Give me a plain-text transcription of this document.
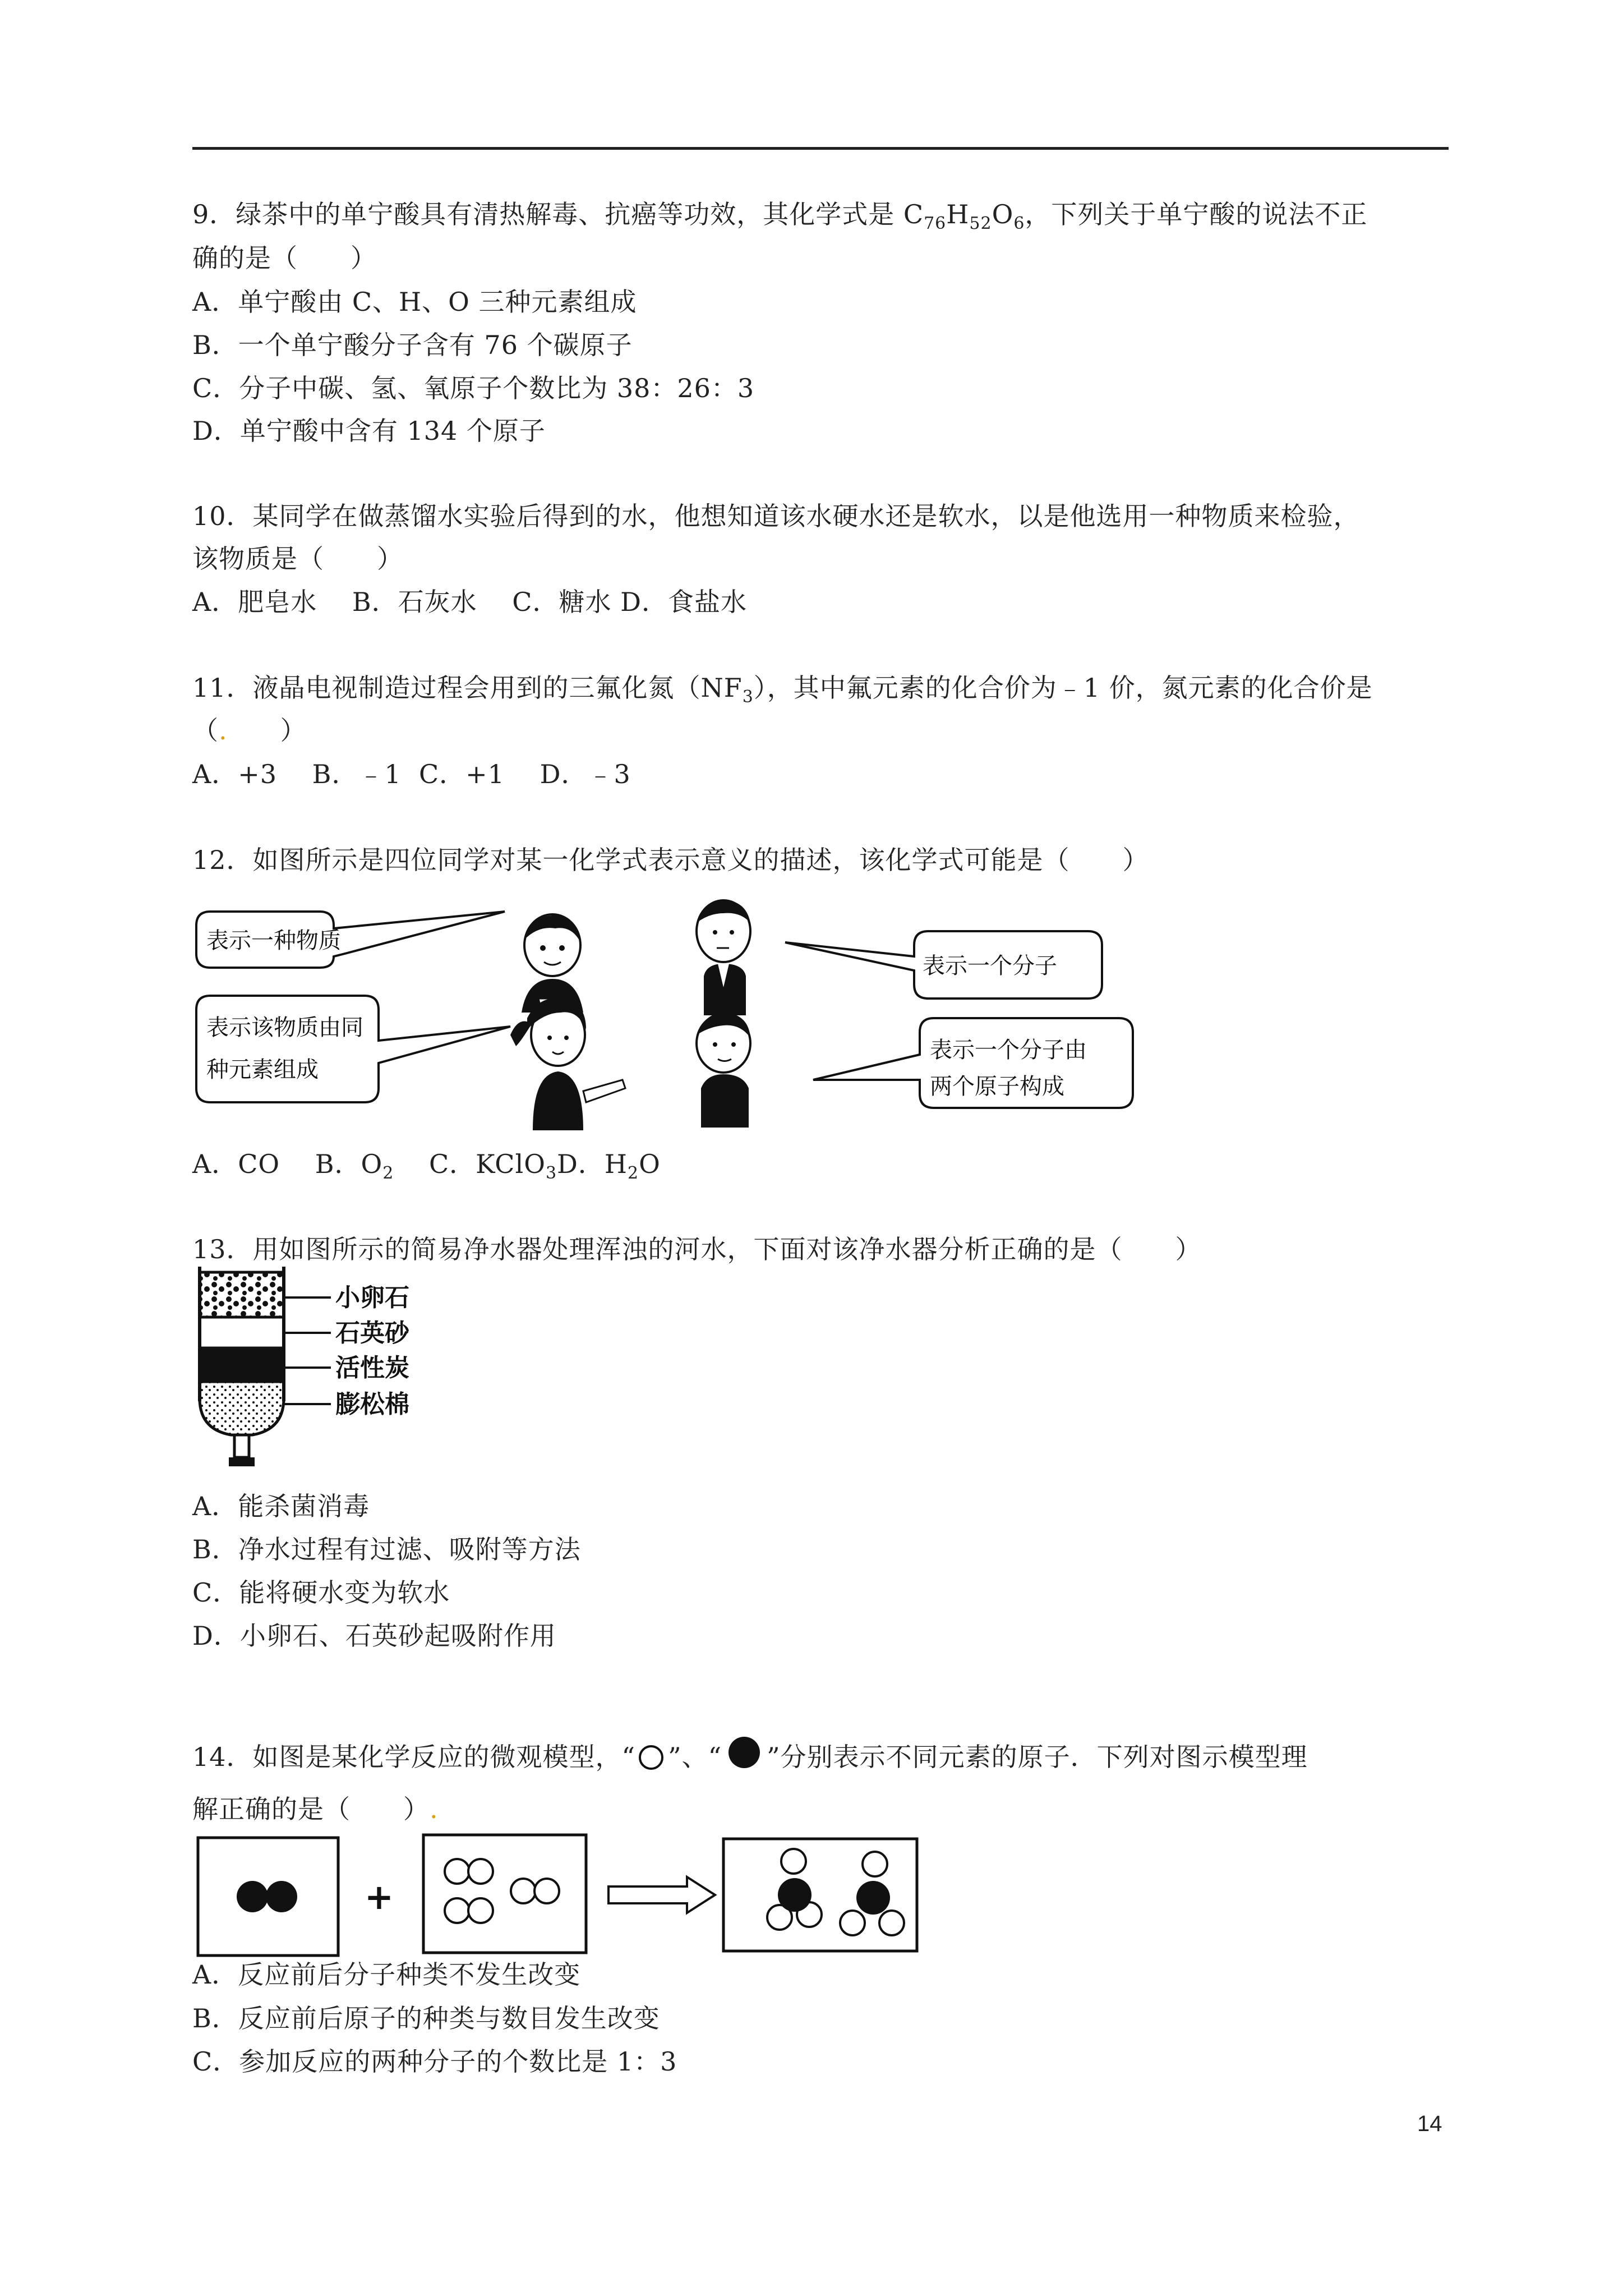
9．绿茶中的单宁酸具有清热解毒、抗癌等功效，其化学式是 $C_{76}H_{52}O_6$，下列关于单宁酸的说法不正
确的是（　　）
A．单宁酸由 C、H、O 三种元素组成
B．一个单宁酸分子含有 76 个碳原子
C．分子中碳、氢、氧原子个数比为 38：26：3
D．单宁酸中含有 134 个原子
10．某同学在做蒸馏水实验后得到的水，他想知道该水硬水还是软水，以是他选用一种物质来检验，
该物质是（　　）
A．肥皂水　 B．石灰水　 C．糖水 D．食盐水
11．液晶电视制造过程会用到的三氟化氮$(NF_3)$，其中氟元素的化合价为﹣1 价，氮元素的化合价是
（.　　）
A．+3　 B．﹣1  C．+1　 D．﹣3
12．如图所示是四位同学对某一化学式表示意义的描述，该化学式可能是（　　）
表示一种物质
表示一个分子
表示该物质由同
种元素组成
表示一个分子由
两个原子构成
A．CO　 B．$O_2$　 C．KClO$_3$D．$H_2O$
13．用如图所示的简易净水器处理浑浊的河水，下面对该净水器分析正确的是（　　）
小卵石
石英砂
活性炭
膨松棉
A．能杀菌消毒
B．净水过程有过滤、吸附等方法
C．能将硬水变为软水
D．小卵石、石英砂起吸附作用
14．如图是某化学反应的微观模型，“ ”、“ ”分别表示不同元素的原子．下列对图示模型理
解正确的是（　　）.
+
A．反应前后分子种类不发生改变
B．反应前后原子的种类与数目发生改变
C．参加反应的两种分子的个数比是 1：3
14
